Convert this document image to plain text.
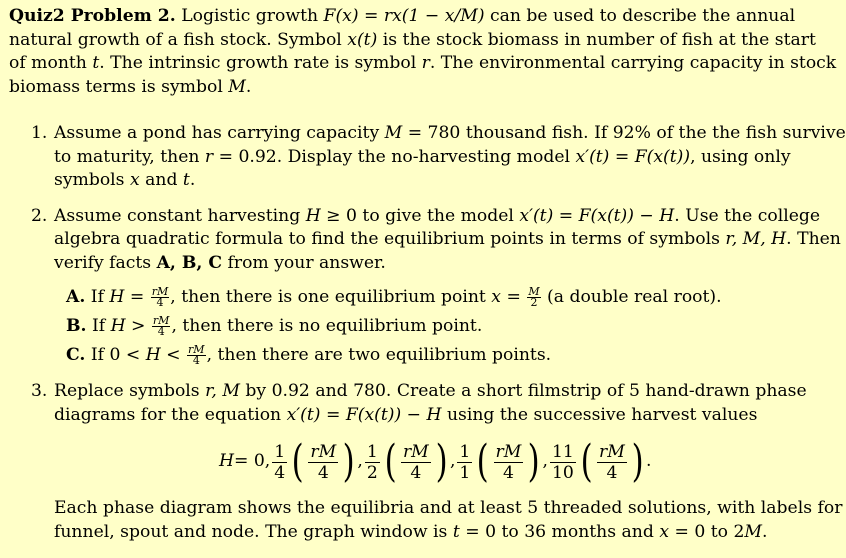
Quiz2 Problem 2. Logistic growth F(x) = rx(1 − x/M) can be used to describe the annual
natural growth of a fish stock. Symbol x(t) is the stock biomass in number of fish at the start
of month t. The intrinsic growth rate is symbol r. The environmental carrying capacity in stock
biomass terms is symbol M.
1. Assume a pond has carrying capacity M = 780 thousand fish. If 92% of the the fish survive
to maturity, then r = 0.92. Display the no-harvesting model x′(t) = F(x(t)), using only
symbols x and t.
2. Assume constant harvesting H ≥ 0 to give the model x′(t) = F(x(t)) − H. Use the college
algebra quadratic formula to find the equilibrium points in terms of symbols r, M, H. Then
verify facts A, B, C from your answer.
A. If $H = \frac{rM}{4}$ , then there is one equilibrium point $x = \frac{M}{2} (a$ double real root).
B. If $H > \frac{rM}{4}$ , then there is no equilibrium point.
C. If $0 < H < \frac{rM}{4}$ , then there are two equilibrium points.
3. Replace symbols r, M by 0.92 and 780. Create a short filmstrip of 5 hand-drawn phase
diagrams for the equation x′(t) = F(x(t)) − H using the successive harvest values
H = 0, 1
4 ( rM
4 ) , 1
2 ( rM
4 ) , 1
1 ( rM
4 ) , 11
10 ( rM
4 ) .
Each phase diagram shows the equilibria and at least 5 threaded solutions, with labels for
funnel, spout and node. The graph window is t = 0 to 36 months and x = 0 to 2M.
